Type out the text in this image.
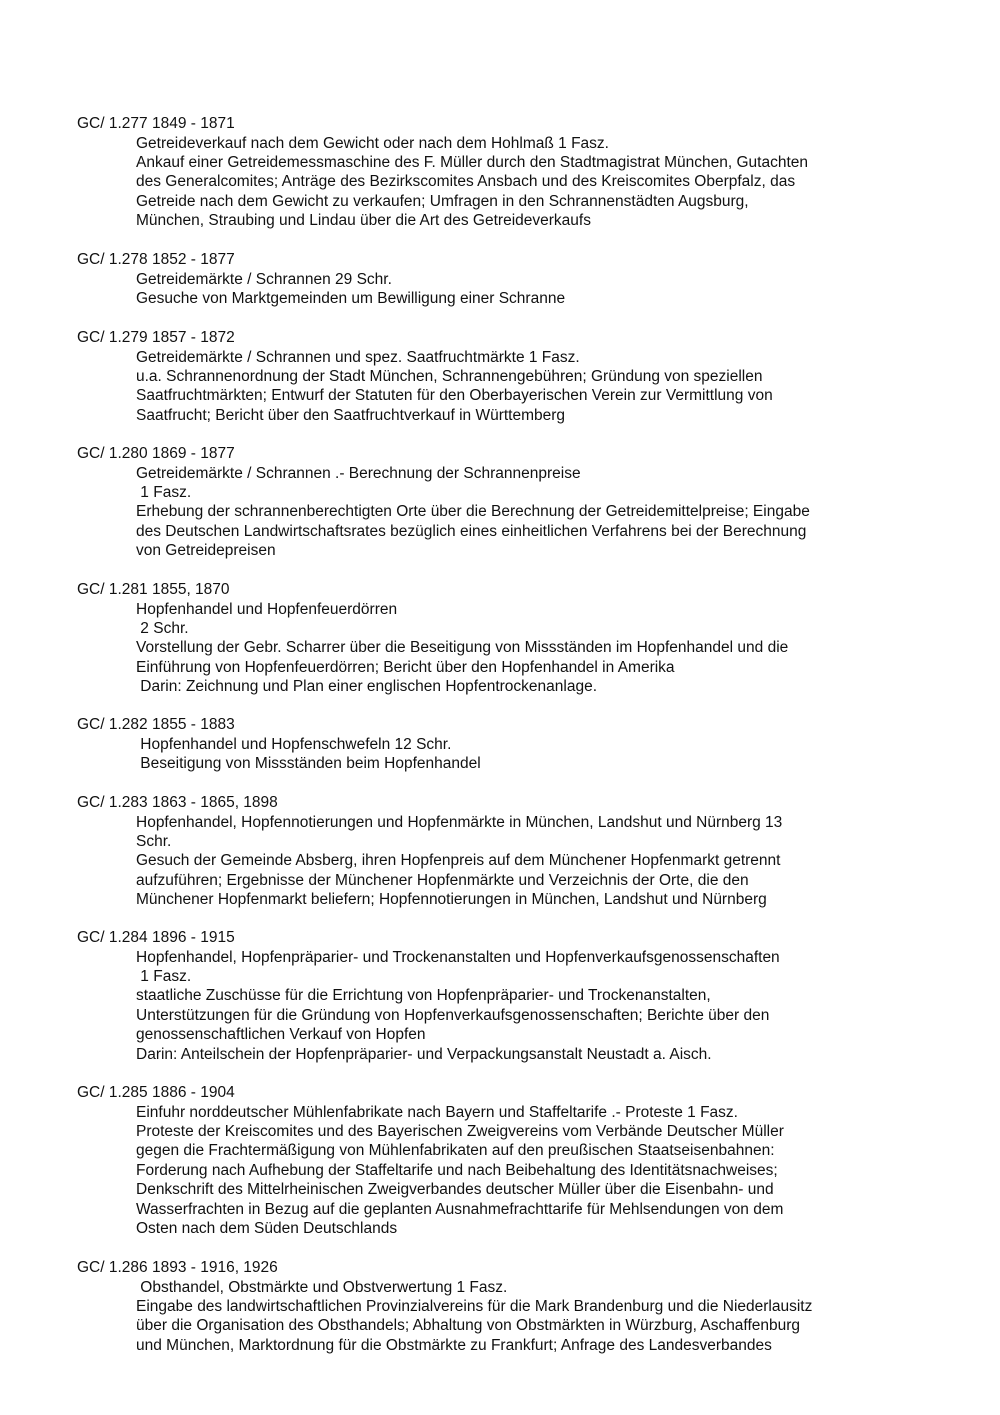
GC/ 1.277 1849 - 1871
Getreideverkauf nach dem Gewicht oder nach dem Hohlmaß 1 Fasz.
Ankauf einer Getreidemessmaschine des F. Müller durch den Stadtmagistrat München, Gutachten
des Generalcomites; Anträge des Bezirkscomites Ansbach und des Kreiscomites Oberpfalz, das
Getreide nach dem Gewicht zu verkaufen; Umfragen in den Schrannenstädten Augsburg,
München, Straubing und Lindau über die Art des Getreideverkaufs
GC/ 1.278 1852 - 1877
Getreidemärkte / Schrannen 29 Schr.
Gesuche von Marktgemeinden um Bewilligung einer Schranne
GC/ 1.279 1857 - 1872
Getreidemärkte / Schrannen und spez. Saatfruchtmärkte 1 Fasz.
u.a. Schrannenordnung der Stadt München, Schrannengebühren; Gründung von speziellen
Saatfruchtmärkten; Entwurf der Statuten für den Oberbayerischen Verein zur Vermittlung von
Saatfrucht; Bericht über den Saatfruchtverkauf in Württemberg
GC/ 1.280 1869 - 1877
Getreidemärkte / Schrannen .- Berechnung der Schrannenpreise
1 Fasz.
Erhebung der schrannenberechtigten Orte über die Berechnung der Getreidemittelpreise; Eingabe
des Deutschen Landwirtschaftsrates bezüglich eines einheitlichen Verfahrens bei der Berechnung
von Getreidepreisen
GC/ 1.281 1855, 1870
Hopfenhandel und Hopfenfeuerdörren
2 Schr.
Vorstellung der Gebr. Scharrer über die Beseitigung von Missständen im Hopfenhandel und die
Einführung von Hopfenfeuerdörren; Bericht über den Hopfenhandel in Amerika
Darin: Zeichnung und Plan einer englischen Hopfentrockenanlage.
GC/ 1.282 1855 - 1883
Hopfenhandel und Hopfenschwefeln 12 Schr.
Beseitigung von Missständen beim Hopfenhandel
GC/ 1.283 1863 - 1865, 1898
Hopfenhandel, Hopfennotierungen und Hopfenmärkte in München, Landshut und Nürnberg 13
Schr.
Gesuch der Gemeinde Absberg, ihren Hopfenpreis auf dem Münchener Hopfenmarkt getrennt
aufzuführen; Ergebnisse der Münchener Hopfenmärkte und Verzeichnis der Orte, die den
Münchener Hopfenmarkt beliefern; Hopfennotierungen in München, Landshut und Nürnberg
GC/ 1.284 1896 - 1915
Hopfenhandel, Hopfenpräparier- und Trockenanstalten und Hopfenverkaufsgenossenschaften
1 Fasz.
staatliche Zuschüsse für die Errichtung von Hopfenpräparier- und Trockenanstalten,
Unterstützungen für die Gründung von Hopfenverkaufsgenossenschaften; Berichte über den
genossenschaftlichen Verkauf von Hopfen
Darin: Anteilschein der Hopfenpräparier- und Verpackungsanstalt Neustadt a. Aisch.
GC/ 1.285 1886 - 1904
Einfuhr norddeutscher Mühlenfabrikate nach Bayern und Staffeltarife .- Proteste 1 Fasz.
Proteste der Kreiscomites und des Bayerischen Zweigvereins vom Verbände Deutscher Müller
gegen die Frachtermäßigung von Mühlenfabrikaten auf den preußischen Staatseisenbahnen:
Forderung nach Aufhebung der Staffeltarife und nach Beibehaltung des Identitätsnachweises;
Denkschrift des Mittelrheinischen Zweigverbandes deutscher Müller über die Eisenbahn- und
Wasserfrachten in Bezug auf die geplanten Ausnahmefrachttarife für Mehlsendungen von dem
Osten nach dem Süden Deutschlands
GC/ 1.286 1893 - 1916, 1926
Obsthandel, Obstmärkte und Obstverwertung 1 Fasz.
Eingabe des landwirtschaftlichen Provinzialvereins für die Mark Brandenburg und die Niederlausitz
über die Organisation des Obsthandels; Abhaltung von Obstmärkten in Würzburg, Aschaffenburg
und München, Marktordnung für die Obstmärkte zu Frankfurt; Anfrage des Landesverbandes
